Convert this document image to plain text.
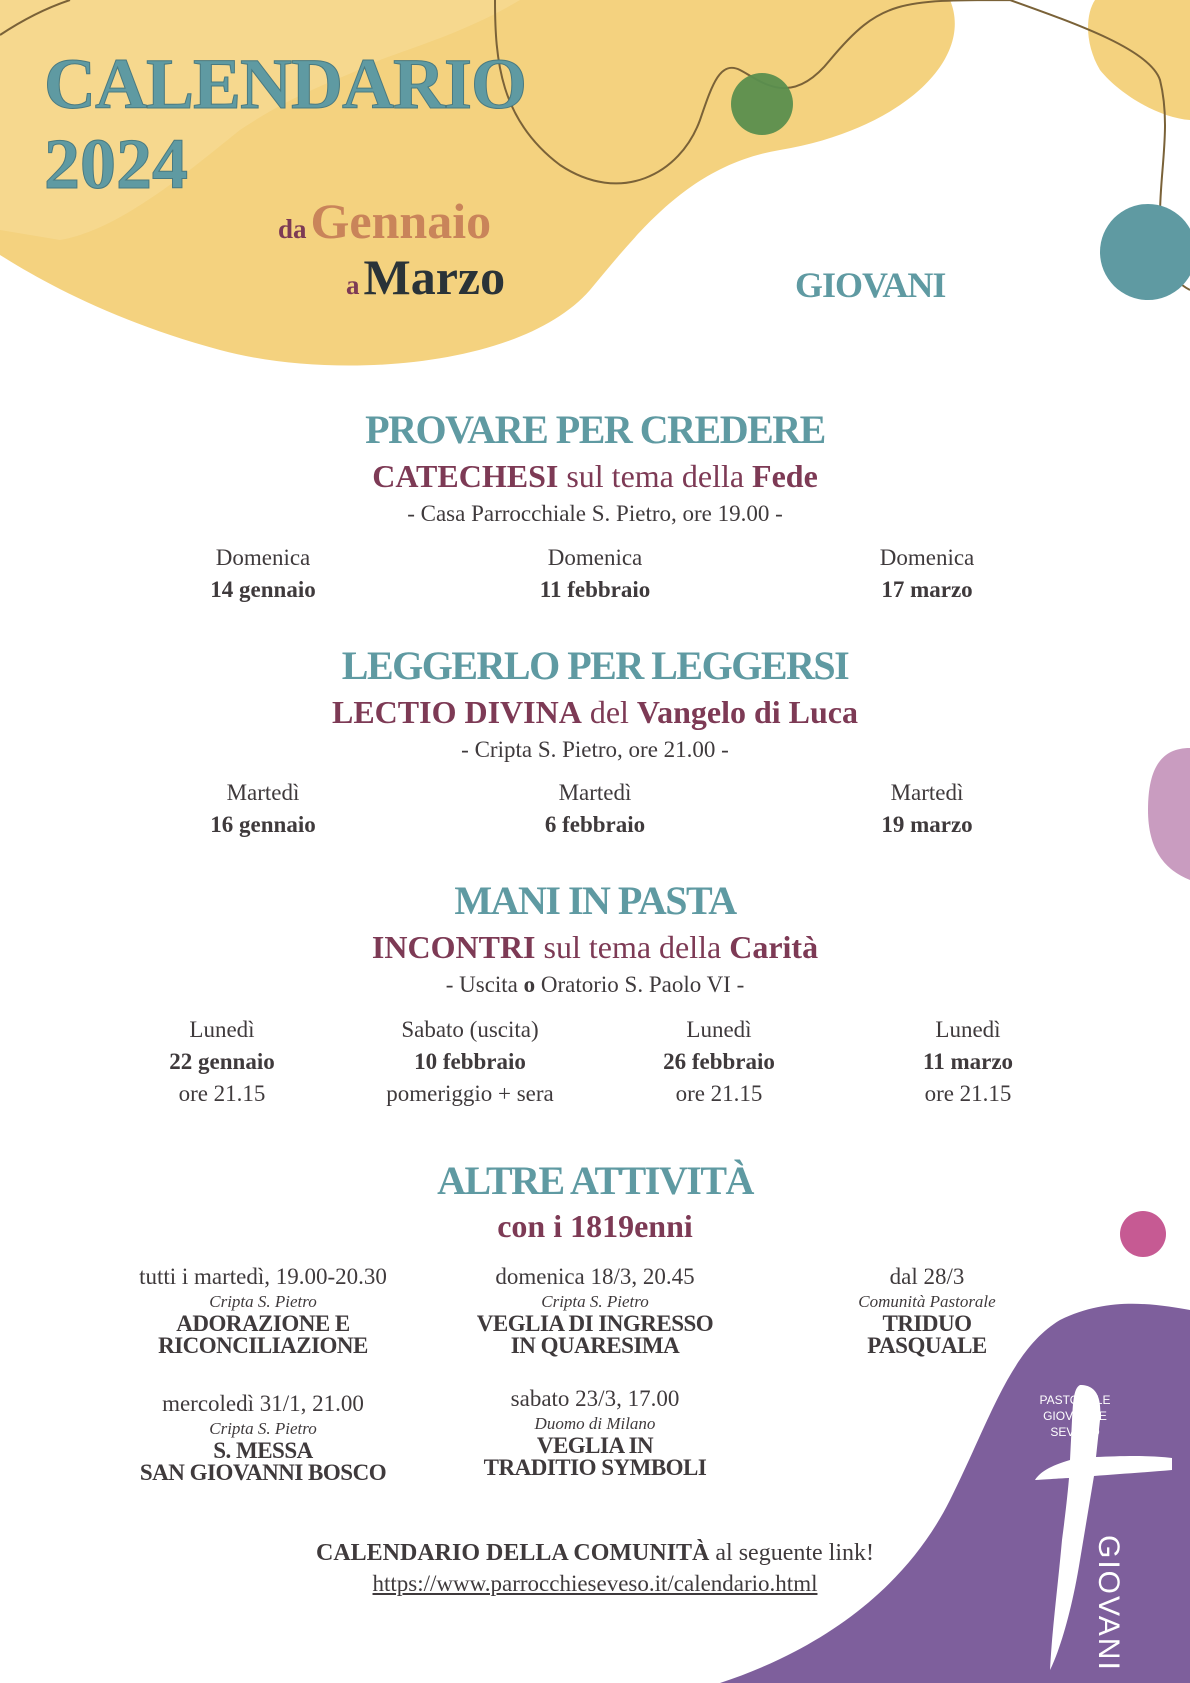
CALENDARIO
2024
da Gennaio
a Marzo	GIOVANI
PROVARE PER CREDERE
CATECHESI sul tema della Fede
- Casa Parrocchiale S. Pietro, ore 19.00 -
Domenica
14 gennaio
Domenica
11 febbraio
Domenica
17 marzo
LEGGERLO PER LEGGERSI
LECTIO DIVINA del Vangelo di Luca
- Cripta S. Pietro, ore 21.00 -
Martedì
16 gennaio
Martedì
6 febbraio
Martedì
19 marzo
MANI IN PASTA
INCONTRI sul tema della Carità
- Uscita o Oratorio S. Paolo VI -
Lunedì
22 gennaio
ore 21.15
Sabato (uscita)
10 febbraio
pomeriggio + sera
Lunedì
26 febbraio
ore 21.15
Lunedì
11 marzo
ore 21.15
ALTRE ATTIVITÀ
con i 1819enni
tutti i martedì, 19.00-20.30
Cripta S. Pietro
ADORAZIONE E
RICONCILIAZIONE
domenica 18/3, 20.45
Cripta S. Pietro
VEGLIA DI INGRESSO
IN QUARESIMA
dal 28/3
Comunità Pastorale
TRIDUO
PASQUALE
mercoledì 31/1, 21.00
Cripta S. Pietro
S. MESSA
SAN GIOVANNI BOSCO
sabato 23/3, 17.00
Duomo di Milano
VEGLIA IN
TRADITIO SYMBOLI
CALENDARIO DELLA COMUNITÀ al seguente link!
https://www.parrocchieseveso.it/calendario.html
PASTORALE
GIOVANILE
SEVESO
GIOVANI
